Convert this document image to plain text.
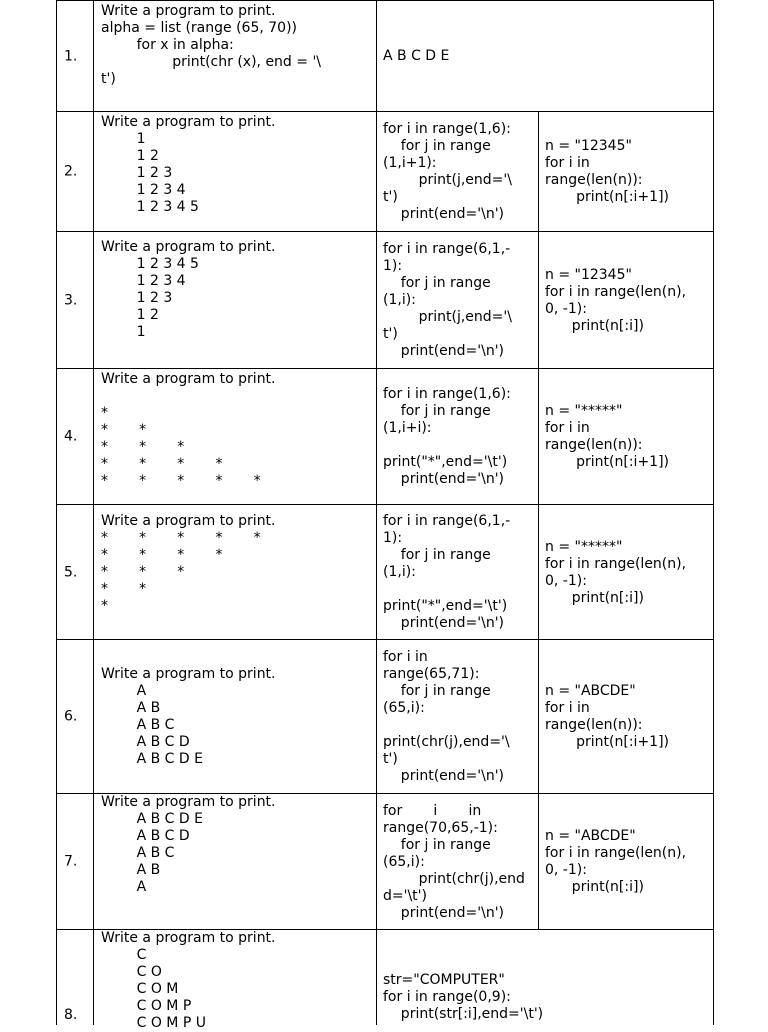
1.
Write a program to print.
alpha = list (range (65, 70))
for x in alpha:
print(chr (x), end = '\
t')
A B C D E
2.
Write a program to print.
1
1 2
1 2 3
1 2 3 4
1 2 3 4 5
for i in range(1,6):
for j in range
(1,i+1):
print(j,end='\
t')
print(end='\n')
n = "12345"
for i in
range(len(n)):
print(n[:i+1])
3.
Write a program to print.
1 2 3 4 5
1 2 3 4
1 2 3
1 2
1
for i in range(6,1,-
1):
for j in range
(1,i):
print(j,end='\
t')
print(end='\n')
n = "12345"
for i in range(len(n),
0, -1):
print(n[:i])
4.
Write a program to print.
*
*       *
*       *       *
*       *       *       *
*       *       *       *       *
for i in range(1,6):
for j in range
(1,i+i):
print("*",end='\t')
print(end='\n')
n = "*****"
for i in
range(len(n)):
print(n[:i+1])
5.
Write a program to print.
*       *       *       *       *
*       *       *       *
*       *       *
*       *
*
for i in range(6,1,-
1):
for j in range
(1,i):
print("*",end='\t')
print(end='\n')
n = "*****"
for i in range(len(n),
0, -1):
print(n[:i])
6.
Write a program to print.
A
A B
A B C
A B C D
A B C D E
for i in
range(65,71):
for j in range
(65,i):
print(chr(j),end='\
t')
print(end='\n')
n = "ABCDE"
for i in
range(len(n)):
print(n[:i+1])
7.
Write a program to print.
A B C D E
A B C D
A B C
A B
A
for       i       in
range(70,65,-1):
for j in range
(65,i):
print(chr(j),end
d='\t')
print(end='\n')
n = "ABCDE"
for i in range(len(n),
0, -1):
print(n[:i])
8.
Write a program to print.
C
C O
C O M
C O M P
C O M P U
str="COMPUTER"
for i in range(0,9):
print(str[:i],end='\t')
